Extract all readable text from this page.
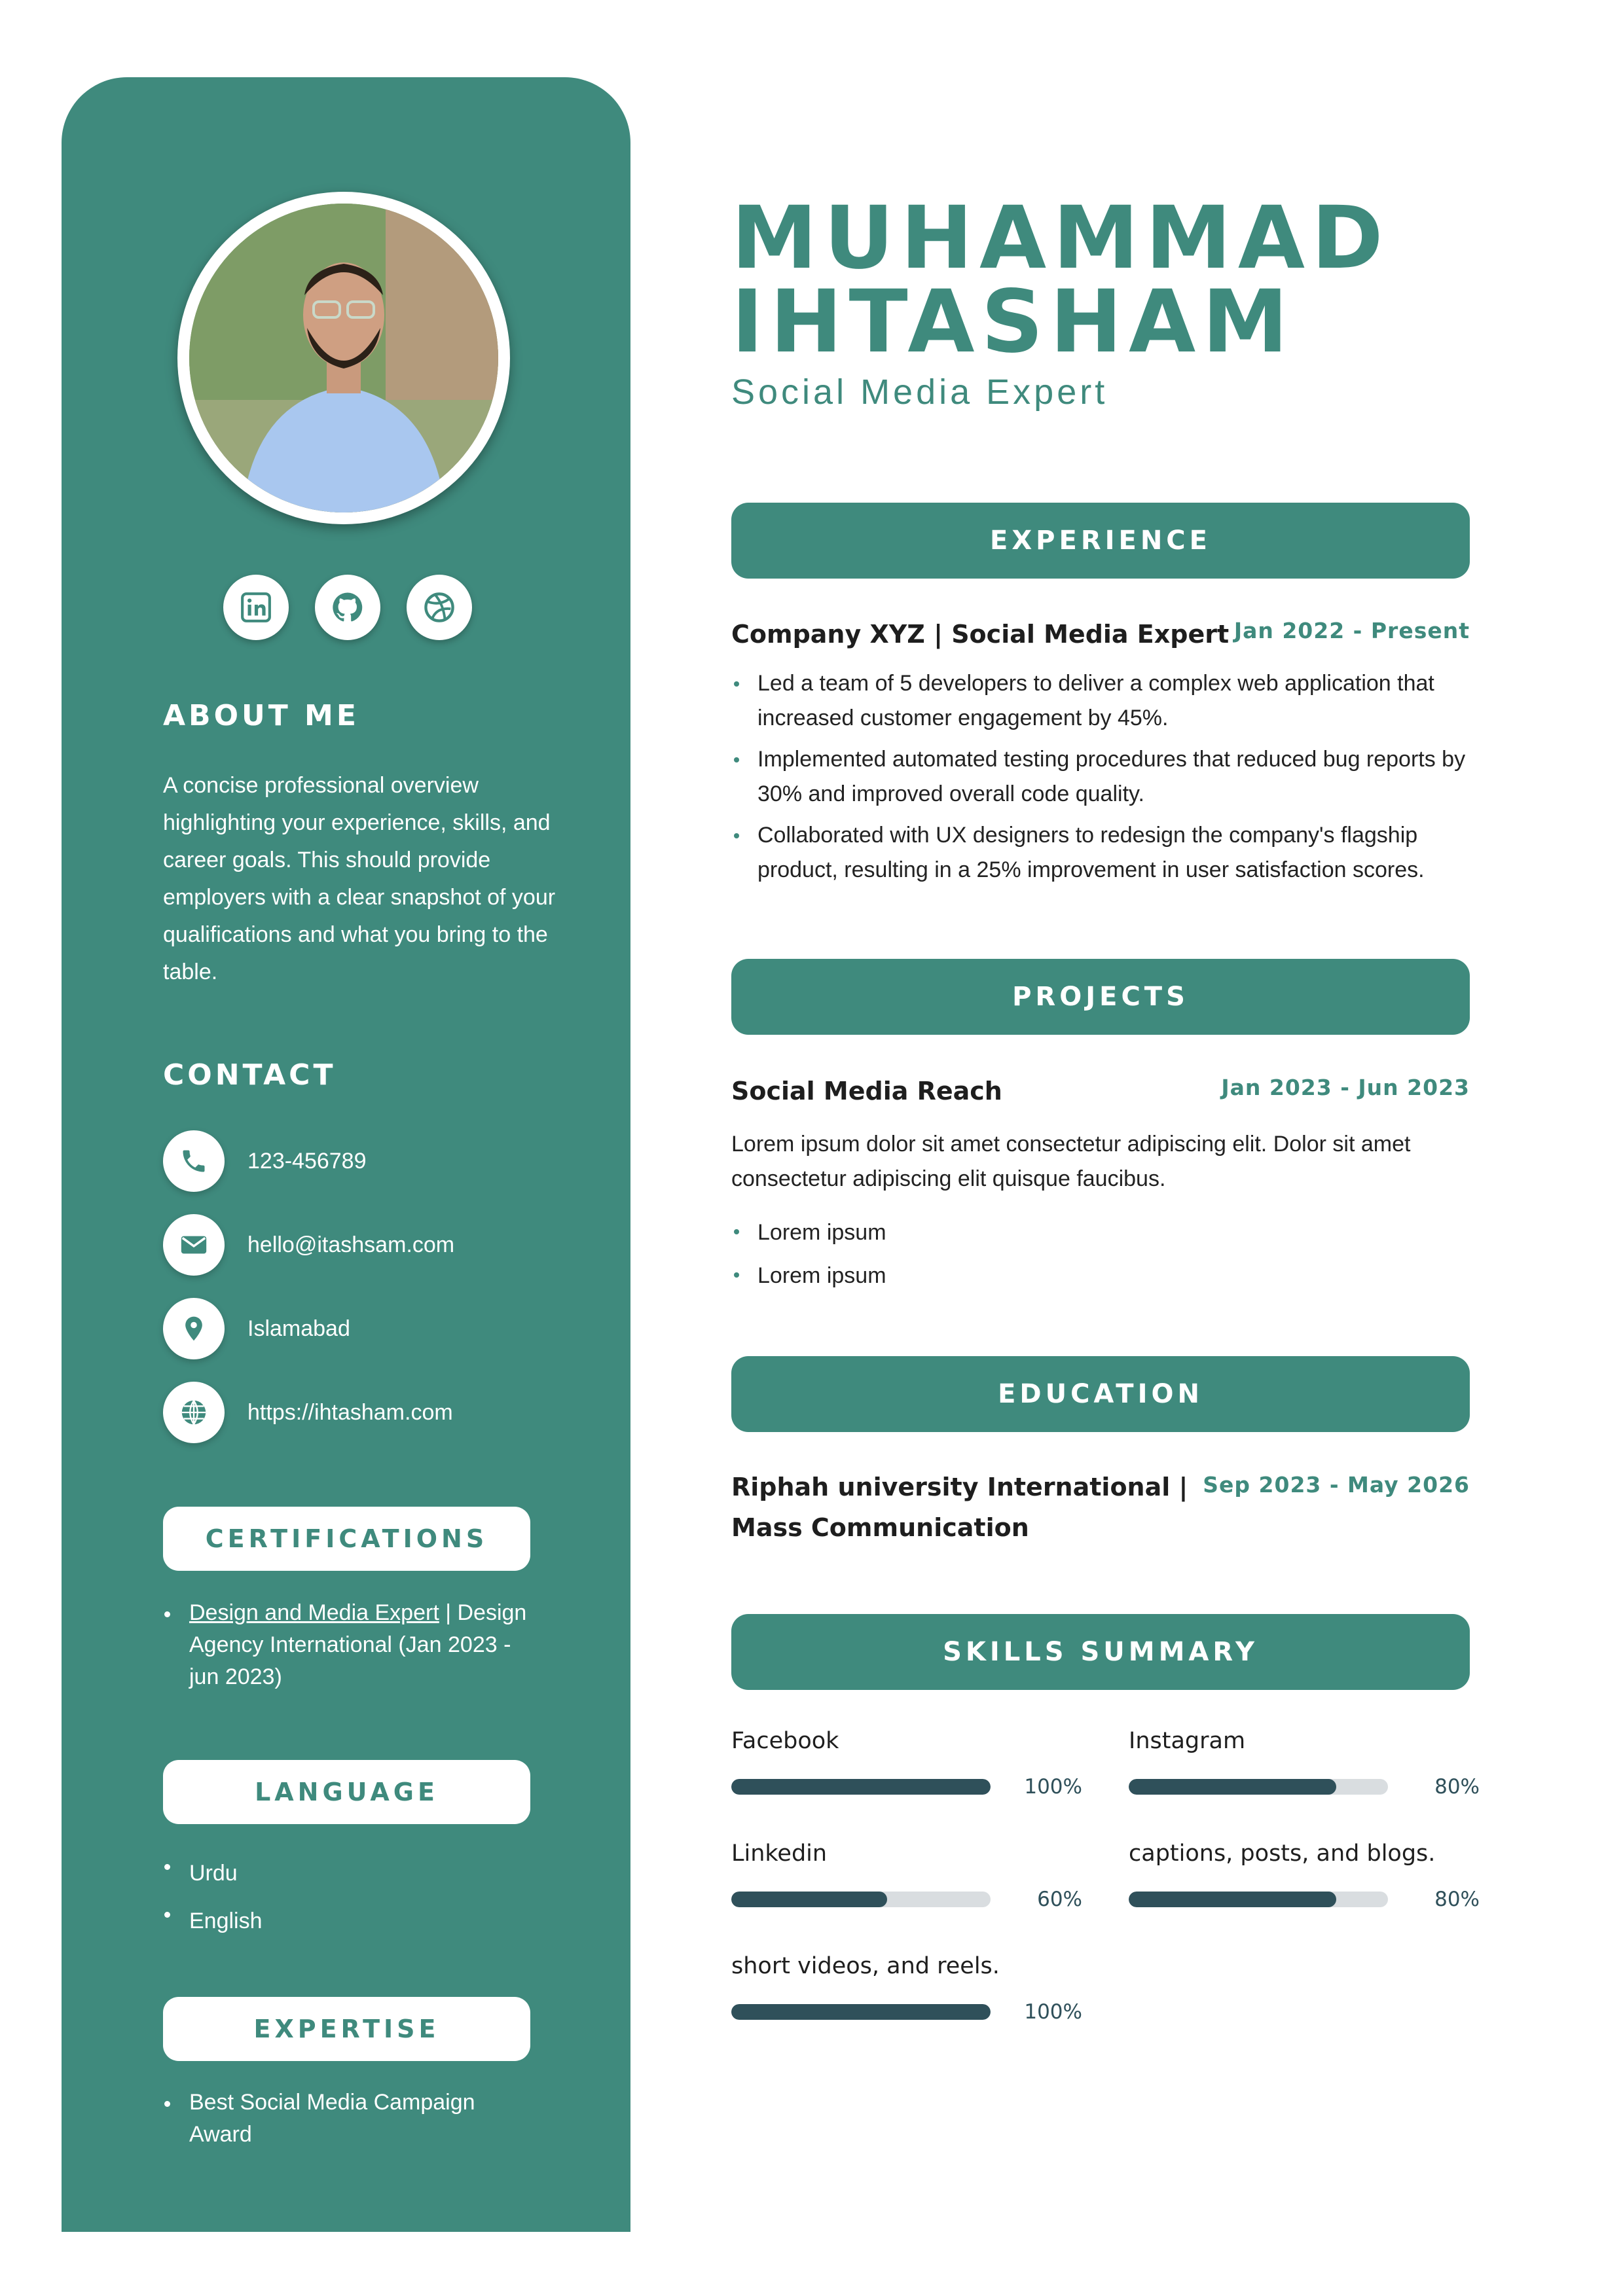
ABOUT ME
A concise professional overview highlighting your experience, skills, and career goals. This should provide employers with a clear snapshot of your qualifications and what you bring to the table.
CONTACT
123-456789
hello@itashsam.com
Islamabad
https://ihtasham.com
CERTIFICATIONS
Design and Media Expert | Design Agency International (Jan 2023 - jun 2023)
LANGUAGE
Urdu
English
EXPERTISE
Best Social Media Campaign Award
MUHAMMAD
IHTASHAM
Social Media Expert
EXPERIENCE
Company XYZ | Social Media Expert Jan 2022 - Present
Led a team of 5 developers to deliver a complex web application that increased customer engagement by 45%.
Implemented automated testing procedures that reduced bug reports by 30% and improved overall code quality.
Collaborated with UX designers to redesign the company's flagship product, resulting in a 25% improvement in user satisfaction scores.
PROJECTS
Social Media Reach	Jan 2023 - Jun 2023
Lorem ipsum dolor sit amet consectetur adipiscing elit. Dolor sit amet consectetur adipiscing elit quisque faucibus.
Lorem ipsum
Lorem ipsum
EDUCATION
Riphah university International |
Mass Communication
Sep 2023 - May 2026
SKILLS SUMMARY
Facebook
100%
Instagram
80%
Linkedin
60%
captions, posts, and blogs.
80%
short videos, and reels.
100%
